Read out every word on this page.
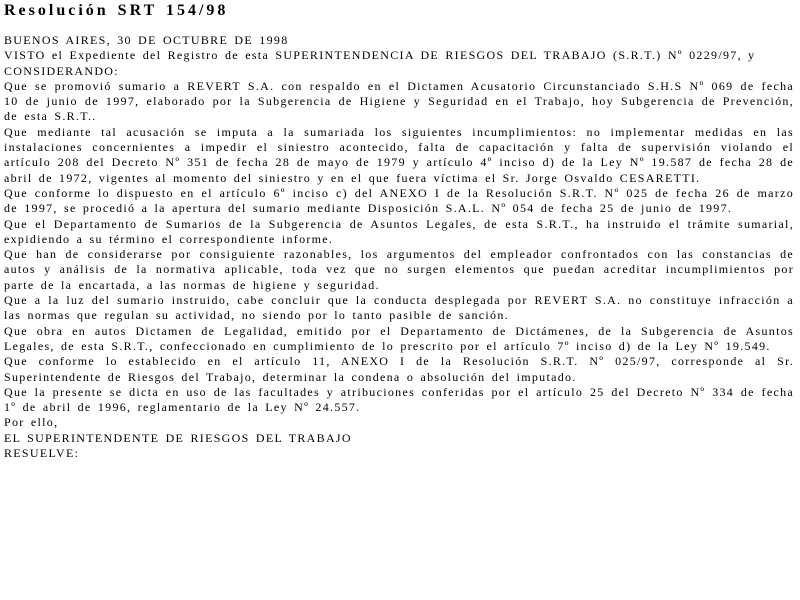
Resolución SRT 154/98

BUENOS AIRES, 30 DE OCTUBRE DE 1998

VISTO el Expediente del Registro de esta SUPERINTENDENCIA DE RIESGOS DEL TRABAJO (S.R.T.) Nº 0229/97, y

CONSIDERANDO:

Que se promovió sumario a REVERT S.A. con respaldo en el Dictamen Acusatorio Circunstanciado S.H.S Nº 069 de fecha 10 de junio de 1997, elaborado por la Subgerencia de Higiene y Seguridad en el Trabajo, hoy Subgerencia de Prevención, de esta S.R.T..

Que mediante tal acusación se imputa a la sumariada los siguientes incumplimientos: no implementar medidas en las instalaciones concernientes a impedir el siniestro acontecido, falta de capacitación y falta de supervisión violando el artículo 208 del Decreto Nº 351 de fecha 28 de mayo de 1979 y artículo 4º inciso d) de la Ley Nº 19.587 de fecha 28 de abril de 1972, vigentes al momento del siniestro y en el que fuera víctima el Sr. Jorge Osvaldo CESARETTI.

Que conforme lo dispuesto en el artículo 6º inciso c) del ANEXO I de la Resolución S.R.T. Nº 025 de fecha 26 de marzo de 1997, se procedió a la apertura del sumario mediante Disposición S.A.L. Nº 054 de fecha 25 de junio de 1997.

Que el Departamento de Sumarios de la Subgerencia de Asuntos Legales, de esta S.R.T., ha instruido el trámite sumarial, expidiendo a su término el correspondiente informe.

Que han de considerarse por consiguiente razonables, los argumentos del empleador confrontados con las constancias de autos y análisis de la normativa aplicable, toda vez que no surgen elementos que puedan acreditar incumplimientos por parte de la encartada, a las normas de higiene y seguridad.

Que a la luz del sumario instruido, cabe concluir que la conducta desplegada por REVERT S.A. no constituye infracción a las normas que regulan su actividad, no siendo por lo tanto pasible de sanción.

Que obra en autos Dictamen de Legalidad, emitido por el Departamento de Dictámenes, de la Subgerencia de Asuntos Legales, de esta S.R.T., confeccionado en cumplimiento de lo prescrito por el artículo 7º inciso d) de la Ley Nº 19.549.

Que conforme lo establecido en el artículo 11, ANEXO I de la Resolución S.R.T. Nº 025/97, corresponde al Sr. Superintendente de Riesgos del Trabajo, determinar la condena o absolución del imputado.

Que la presente se dicta en uso de las facultades y atribuciones conferidas por el artículo 25 del Decreto Nº 334 de fecha 1º de abril de 1996, reglamentario de la Ley Nº 24.557.

Por ello,

EL SUPERINTENDENTE DE RIESGOS DEL TRABAJO

RESUELVE:
